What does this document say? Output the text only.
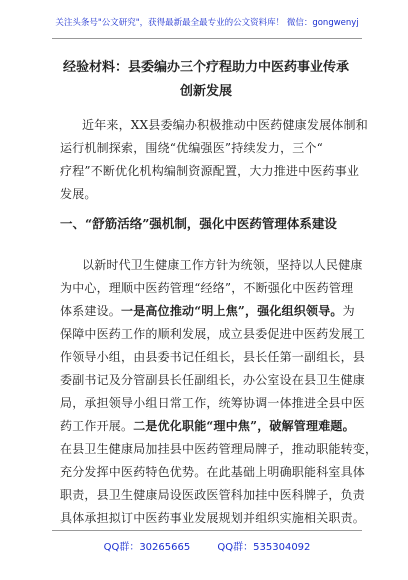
关注头条号"公文研究"，获得最新最全最专业的公文资料库！ 微信：gongwenyj
经验材料：县委编办三个疗程助力中医药事业传承创新发展
近年来，XX县委编办积极推动中医药健康发展体制和
运行机制探索，围绕“优编强医”持续发力，三个“
疗程”不断优化机构编制资源配置，大力推进中医药事业
发展。
一、“舒筋活络”强机制，强化中医药管理体系建设
以新时代卫生健康工作方针为统领，坚持以人民健康
为中心，理顺中医药管理“经络”，不断强化中医药管理
体系建设。一是高位推动“明上焦”，强化组织领导。为
保障中医药工作的顺利发展，成立县委促进中医药发展工
作领导小组，由县委书记任组长，县长任第一副组长，县
委副书记及分管副县长任副组长，办公室设在县卫生健康
局，承担领导小组日常工作，统筹协调一体推进全县中医
药工作开展。二是优化职能“理中焦”，破解管理难题。
在县卫生健康局加挂县中医药管理局牌子，推动职能转变，
充分发挥中医药特色优势。在此基础上明确职能科室具体
职责，县卫生健康局设医政医管科加挂中医科牌子，负责
具体承担拟订中医药事业发展规划并组织实施相关职责。
QQ群：30265665	QQ群：535304092
